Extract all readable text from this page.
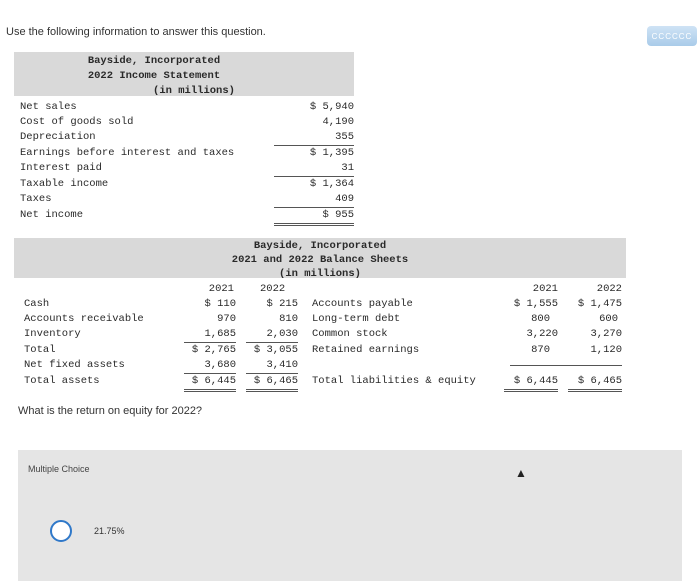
Use the following information to answer this question.	CCCCCC
Bayside, Incorporated
2022 Income Statement
(in millions)
Net sales	$ 5,940
Cost of goods sold	4,190
Depreciation	355
Earnings before interest and taxes	$ 1,395
Interest paid	31
Taxable income	$ 1,364
Taxes	409
Net income	$ 955
Bayside, Incorporated
2021 and 2022 Balance Sheets
(in millions)
2021 2022	2021	2022
Cash	$ 110	$ 215
Accounts receivable	970	810
Inventory	1,685	2,030
Total	$ 2,765	$ 3,055
Net fixed assets	3,680	3,410
Total assets	$ 6,445	$ 6,465
Accounts payable	$ 1,555	$ 1,475
Long-term debt	800	600
Common stock	3,220	3,270
Retained earnings	870	1,120
Total liabilities & equity	$ 6,445	$ 6,465
What is the return on equity for 2022?
Multiple Choice	▲
21.75%
